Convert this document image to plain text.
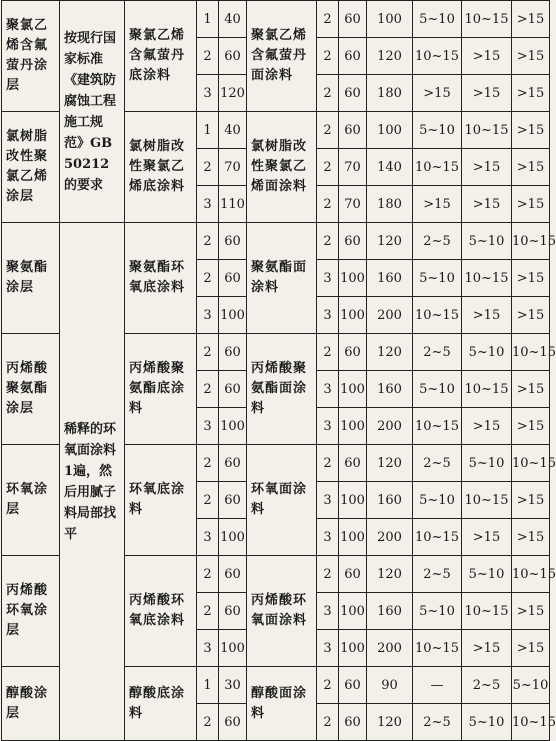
聚氯乙烯含氟萤丹涂层	按现行国家标准《建筑防腐蚀工程施工规范》GB 50212的要求	聚氯乙烯含氟萤丹底涂料	1	40	聚氯乙烯含氟萤丹面涂料	2	60	100	5~10	10~15	>15
			2	60		2	60	120	10~15	>15	>15
			3	120		2	60	180	>15	>15	>15
氯树脂改性聚氯乙烯涂层		氯树脂改性聚氯乙烯底涂料	1	40	氯树脂改性聚氯乙烯面涂料	2	60	100	5~10	10~15	>15
			2	70		2	70	140	10~15	>15	>15
			3	110		2	70	180	>15	>15	>15
聚氨酯涂层	稀释的环氧面涂料1遍，然后用腻子料局部找平	聚氨酯环氧底涂料	2	60	聚氨酯面涂料	2	60	120	2~5	5~10	10~15
			2	60		3	100	160	5~10	10~15	>15
			3	100		3	100	200	10~15	>15	>15
丙烯酸聚氨酯涂层		丙烯酸聚氨酯底涂料	2	60	丙烯酸聚氨酯面涂料	2	60	120	2~5	5~10	10~15
			2	60		3	100	160	5~10	10~15	>15
			3	100		3	100	200	10~15	>15	>15
环氧涂层		环氧底涂料	2	60	环氧面涂料	2	60	120	2~5	5~10	10~15
			2	60		3	100	160	5~10	10~15	>15
			3	100		3	100	200	10~15	>15	>15
丙烯酸环氧涂层		丙烯酸环氧底涂料	2	60	丙烯酸环氧面涂料	2	60	120	2~5	5~10	10~15
			2	60		3	100	160	5~10	10~15	>15
			3	100		3	100	200	10~15	>15	>15
醇酸涂层		醇酸底涂料	1	30	醇酸面涂料	2	60	90	—	2~5	5~10
			2	60		2	60	120	2~5	5~10	10~15
